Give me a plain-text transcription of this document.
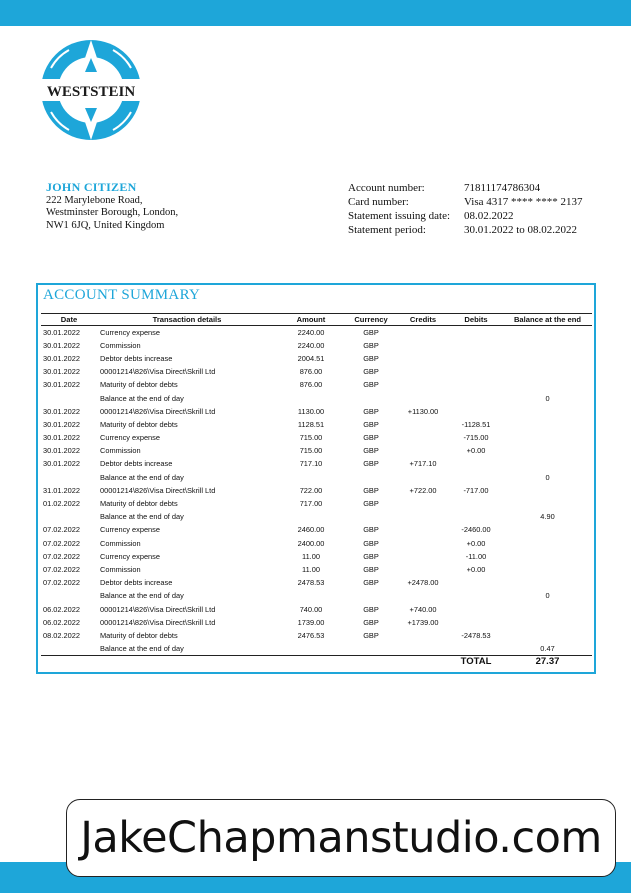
WESTSTEIN
JOHN CITIZEN
222 Marylebone Road,
Westminster Borough, London,
NW1 6JQ, United Kingdom
Account number:	71811174786304
Card number:	Visa 4317 **** **** 2137
Statement issuing date:	08.02.2022
Statement period:	30.01.2022 to 08.02.2022
ACCOUNT SUMMARY
Date	Transaction details	Amount	Currency	Credits	Debits	Balance at the end
30.01.2022	Currency expense	2240.00	GBP			
30.01.2022	Commission	2240.00	GBP			
30.01.2022	Debtor debts increase	2004.51	GBP			
30.01.2022	00001214\826\Visa Direct\Skrill Ltd	876.00	GBP			
30.01.2022	Maturity of debtor debts	876.00	GBP			
	Balance at the end of day					0
30.01.2022	00001214\826\Visa Direct\Skrill Ltd	1130.00	GBP	+1130.00		
30.01.2022	Maturity of debtor debts	1128.51	GBP		-1128.51	
30.01.2022	Currency expense	715.00	GBP		-715.00	
30.01.2022	Commission	715.00	GBP		+0.00	
30.01.2022	Debtor debts increase	717.10	GBP	+717.10		
	Balance at the end of day					0
31.01.2022	00001214\826\Visa Direct\Skrill Ltd	722.00	GBP	+722.00	-717.00	
01.02.2022	Maturity of debtor debts	717.00	GBP			
	Balance at the end of day					4.90
07.02.2022	Currency expense	2460.00	GBP		-2460.00	
07.02.2022	Commission	2400.00	GBP		+0.00	
07.02.2022	Currency expense	11.00	GBP		-11.00	
07.02.2022	Commission	11.00	GBP		+0.00	
07.02.2022	Debtor debts increase	2478.53	GBP	+2478.00		
	Balance at the end of day					0
06.02.2022	00001214\826\Visa Direct\Skrill Ltd	740.00	GBP	+740.00		
06.02.2022	00001214\826\Visa Direct\Skrill Ltd	1739.00	GBP	+1739.00		
08.02.2022	Maturity of debtor debts	2476.53	GBP		-2478.53	
	Balance at the end of day					0.47
					TOTAL	27.37
JakeChapmanstudio.com
